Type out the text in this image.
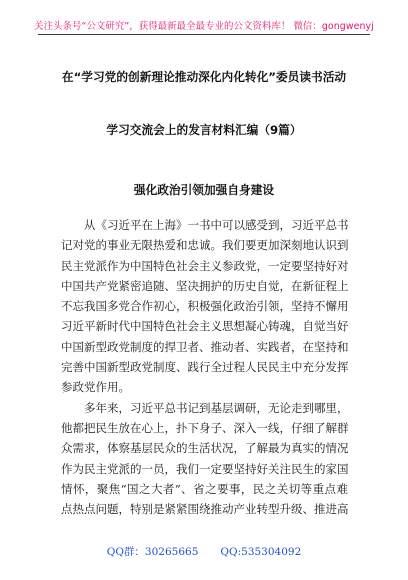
关注头条号“公文研究”，获得最新最全最专业的公文资料库！ 微信：gongwenyj
在“学习党的创新理论推动深化内化转化”委员读书活动
学习交流会上的发言材料汇编（9篇）
强化政治引领加强自身建设
从《习近平在上海》一书中可以感受到，习近平总书
记对党的事业无限热爱和忠诚。我们要更加深刻地认识到
民主党派作为中国特色社会主义参政党，一定要坚持好对
中国共产党紧密追随、坚决拥护的历史自觉，在新征程上
不忘我国多党合作初心，积极强化政治引领，坚持不懈用
习近平新时代中国特色社会主义思想凝心铸魂，自觉当好
中国新型政党制度的捍卫者、推动者、实践者，在坚持和
完善中国新型政党制度、践行全过程人民民主中充分发挥
参政党作用。
多年来，习近平总书记到基层调研，无论走到哪里，
他都把民生放在心上，扑下身子、深入一线，仔细了解群
众需求，体察基层民众的生活状况，了解最为真实的情况
作为民主党派的一员，我们一定要坚持好关注民生的家国
情怀，聚焦“国之大者”、省之要事，民之关切等重点难
点热点问题，特别是紧紧围绕推动产业转型升级、推进高
QQ群：30265665 QQ:535304092
